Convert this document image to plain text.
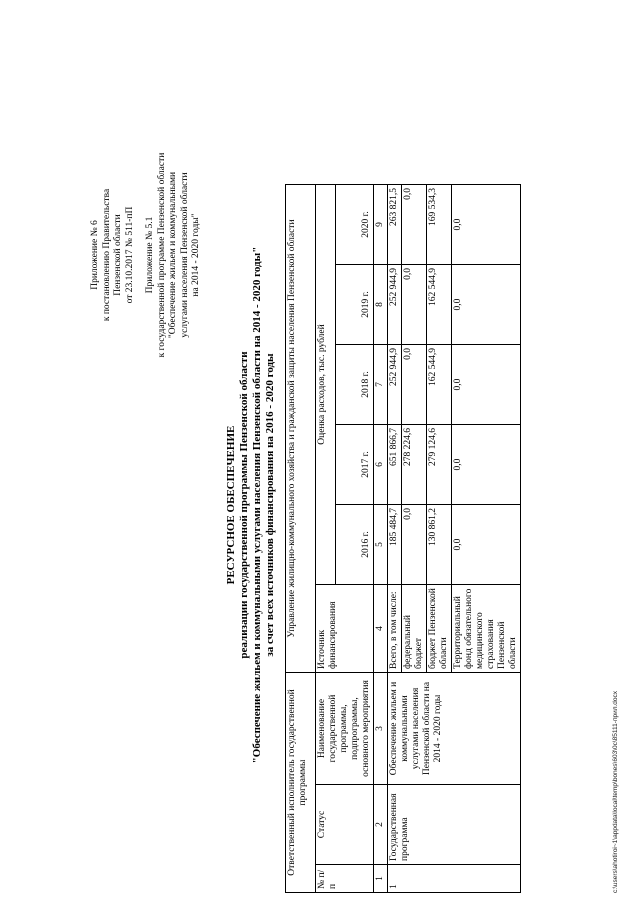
Приложение № 6 к постановлению Правительства Пензенской области от 23.10.2017 № 511-пП Приложение № 5.1 к государственной программе Пензенской области "Обеспечение жильем и коммунальными услугами населения Пензенской области на 2014 - 2020 годы"
РЕСУРСНОЕ ОБЕСПЕЧЕНИЕ реализации государственной программы Пензенской области "Обеспечение жильем и коммунальными услугами населения Пензенской области на 2014 - 2020 годы" за счет всех источников финансирования на 2016 - 2020 годы
Ответственный исполнитель государственной программы			Управление жилищно-коммунального хозяйства и гражданской защиты населения Пензенской области					
№ п/п	Статус	Наименование государственной программы, подпрограммы, основного мероприятия	Источник финансирования	Оценка расходов, тыс. рублей				
				2016 г.	2017 г.	2018 г.	2019 г.	2020 г.
1	2	3	4	5	6	7	8	9
1	Государственная программа	Обеспечение жильем и коммунальными услугами населения Пензенской области на 2014 - 2020 годы	Всего, в том числе:	185 484,7	651 866,7	252 944,9	252 944,9	263 821,5
			федеральный бюджет	0,0	278 224,6	0,0	0,0	0,0
			бюджет Пензенской области	130 861,2	279 124,6	162 544,9	162 544,9	169 534,3
			Территориальный фонд обязательного медицинского страхования Пензенской области	0,0	0,0	0,0	0,0	0,0
c:\users\ahotiroi~1\appdata\local\temp\bones\603\0c\85111-прил.docx
